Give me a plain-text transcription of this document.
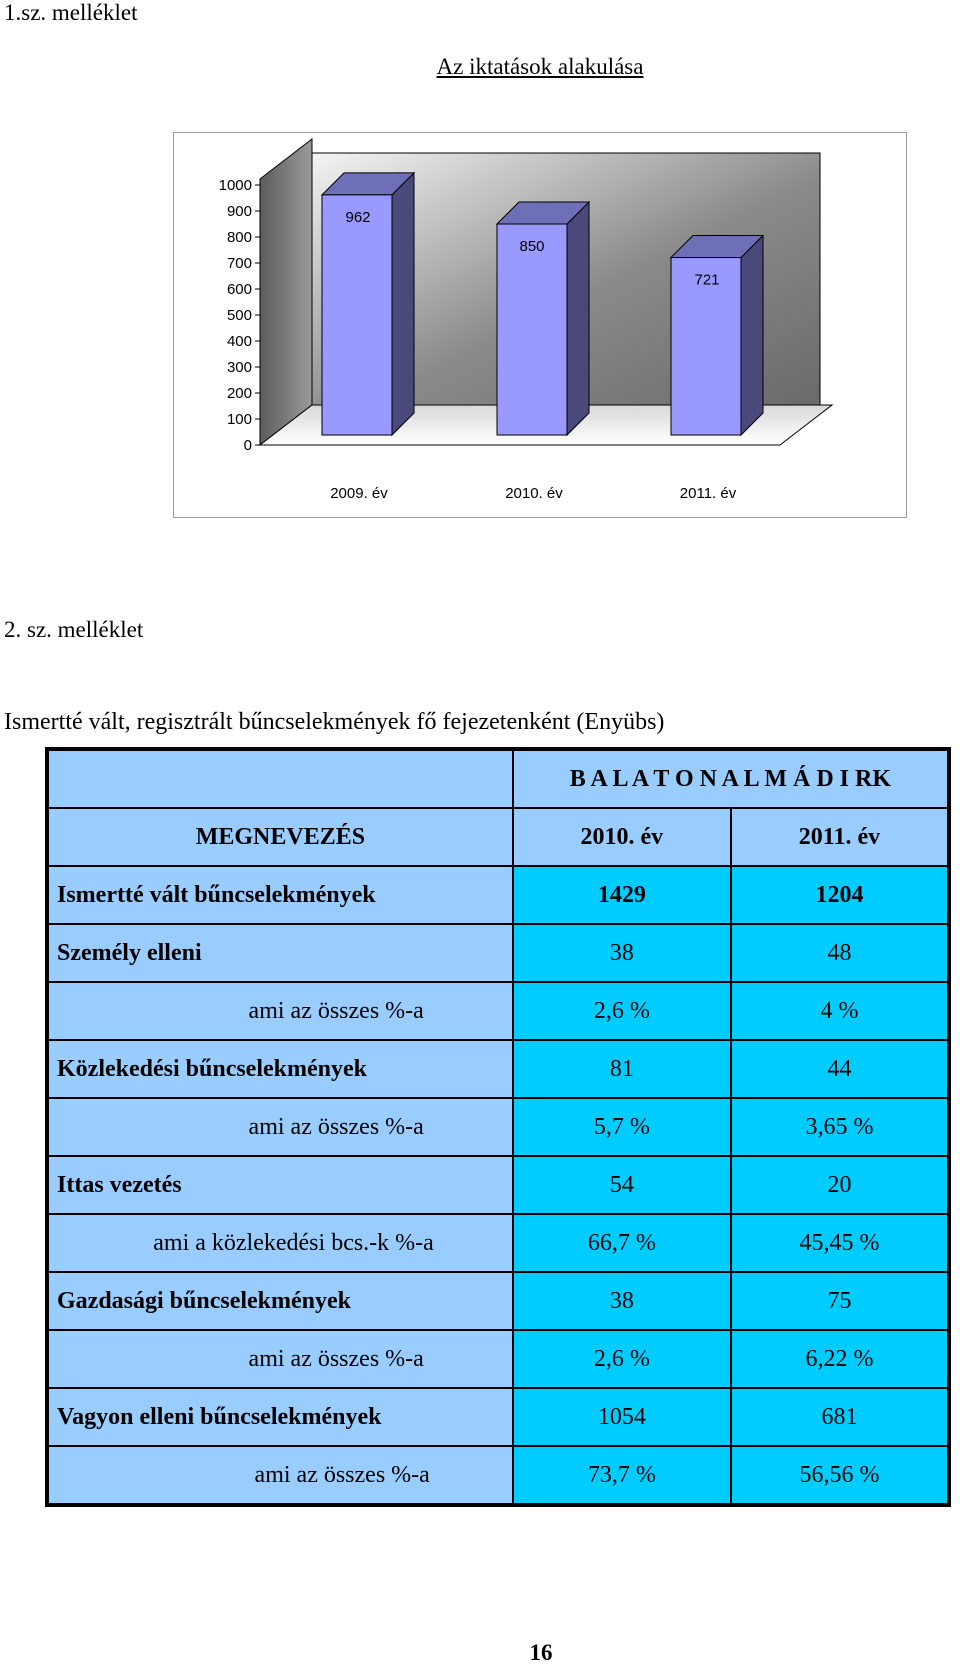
1.sz. melléklet
Az iktatások alakulása
1000
900
800
700
600
500
400
300
200
100
0
962
850
721
2009. év	2010. év	2011. év
2. sz. melléklet
Ismertté vált, regisztrált bűncselekmények fő fejezetenként (Enyübs)
	B A L A T O N A L M Á D I RK	
MEGNEVEZÉS	2010. év	2011. év
Ismertté vált bűncselekmények	1429	1204
Személy elleni	38	48
ami az összes %-a	2,6 %	4 %
Közlekedési bűncselekmények	81	44
ami az összes %-a	5,7 %	3,65 %
Ittas vezetés	54	20
ami a közlekedési bcs.-k %-a	66,7 %	45,45 %
Gazdasági bűncselekmények	38	75
ami az összes %-a	2,6 %	6,22 %
Vagyon elleni bűncselekmények	1054	681
ami az összes %-a	73,7 %	56,56 %
16
